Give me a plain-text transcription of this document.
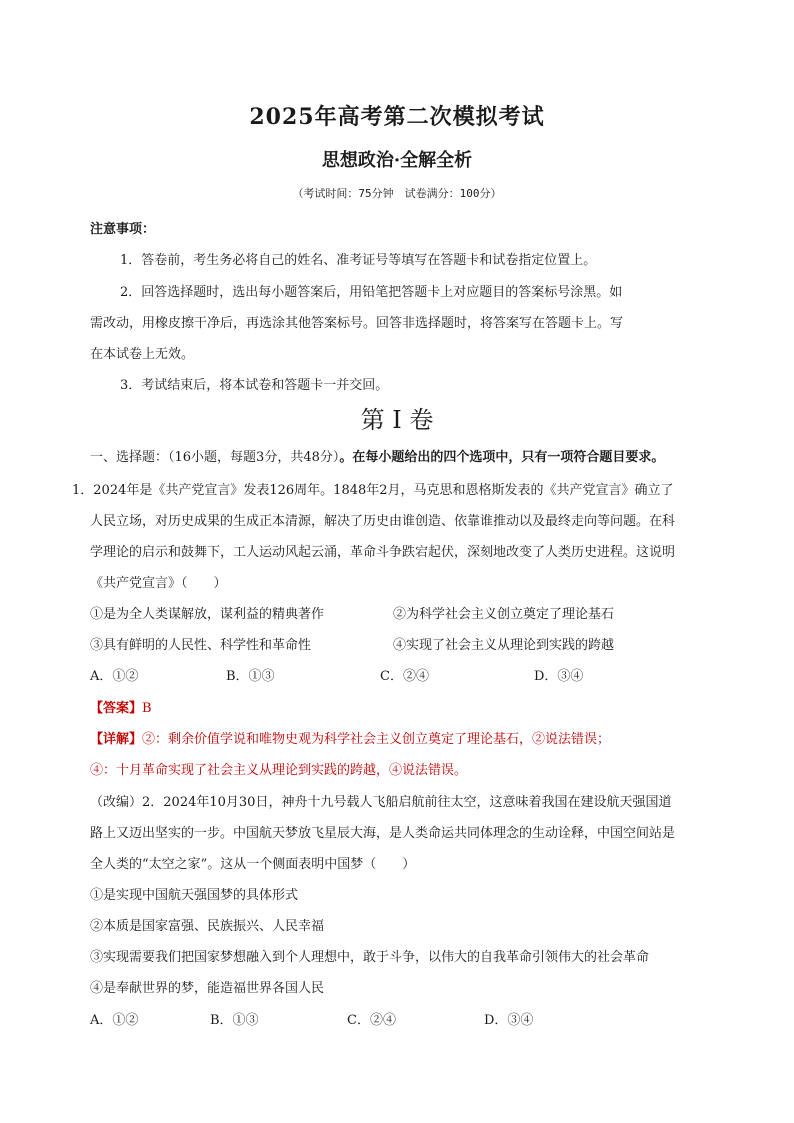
2025年高考第二次模拟考试
思想政治·全解全析
（考试时间：75分钟　试卷满分：100分）
注意事项：
1．答卷前，考生务必将自己的姓名、准考证号等填写在答题卡和试卷指定位置上。
2．回答选择题时，选出每小题答案后，用铅笔把答题卡上对应题目的答案标号涂黑。如
需改动，用橡皮擦干净后，再选涂其他答案标号。回答非选择题时，将答案写在答题卡上。写
在本试卷上无效。
3．考试结束后，将本试卷和答题卡一并交回。
第 I 卷
一、选择题：（16小题，每题3分，共48分）。在每小题给出的四个选项中，只有一项符合题目要求。
1．2024年是《共产党宣言》发表126周年。1848年2月，马克思和恩格斯发表的《共产党宣言》确立了
人民立场，对历史成果的生成正本清源，解决了历史由谁创造、依靠谁推动以及最终走向等问题。在科
学理论的启示和鼓舞下，工人运动风起云涌，革命斗争跌宕起伏，深刻地改变了人类历史进程。这说明
《共产党宣言》（　　）
①是为全人类谋解放，谋利益的精典著作	②为科学社会主义创立奠定了理论基石
③具有鲜明的人民性、科学性和革命性	④实现了社会主义从理论到实践的跨越
A．①②	B．①③	C．②④	D．③④
【答案】B
【详解】②：剩余价值学说和唯物史观为科学社会主义创立奠定了理论基石，②说法错误；
④：十月革命实现了社会主义从理论到实践的跨越，④说法错误。
（改编）2．2024年10月30日，神舟十九号载人飞船启航前往太空，这意味着我国在建设航天强国道
路上又迈出坚实的一步。中国航天梦放飞星辰大海，是人类命运共同体理念的生动诠释，中国空间站是
全人类的“太空之家”。这从一个侧面表明中国梦（　　）
①是实现中国航天强国梦的具体形式
②本质是国家富强、民族振兴、人民幸福
③实现需要我们把国家梦想融入到个人理想中，敢于斗争，以伟大的自我革命引领伟大的社会革命
④是奉献世界的梦，能造福世界各国人民
A．①②	B．①③	C．②④	D．③④
